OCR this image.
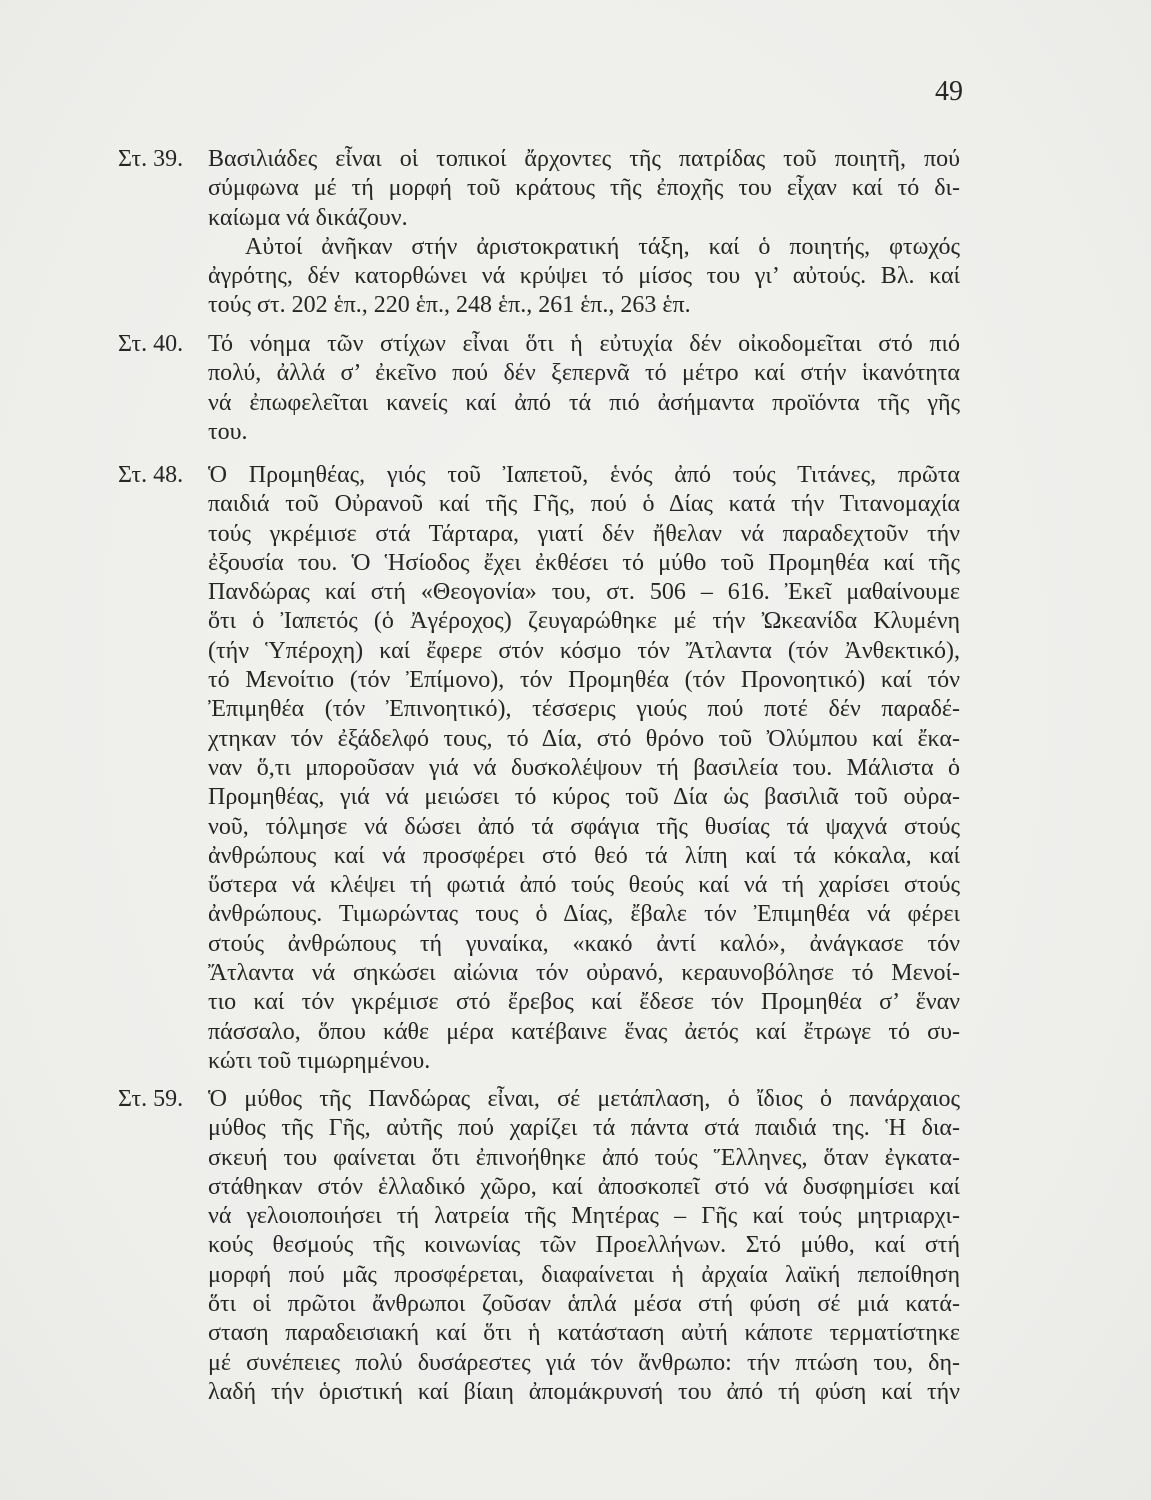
49
Στ. 39. Βασιλιάδες εἶναι οἱ τοπικοί ἄρχοντες τῆς πατρίδας τοῦ ποιητῆ, πού
σύμφωνα μέ τή μορφή τοῦ κράτους τῆς ἐποχῆς του εἶχαν καί τό δι-
καίωμα νά δικάζουν.
Αὐτοί ἀνῆκαν στήν ἀριστοκρατική τάξη, καί ὁ ποιητής, φτωχός
ἀγρότης, δέν κατορθώνει νά κρύψει τό μίσος του γι’ αὐτούς. Βλ. καί
τούς στ. 202 ἑπ., 220 ἑπ., 248 ἑπ., 261 ἑπ., 263 ἑπ.
Στ. 40. Τό νόημα τῶν στίχων εἶναι ὅτι ἡ εὐτυχία δέν οἰκοδομεῖται στό πιό
πολύ, ἀλλά σ’ ἐκεῖνο πού δέν ξεπερνᾶ τό μέτρο καί στήν ἱκανότητα
νά ἐπωφελεῖται κανείς καί ἀπό τά πιό ἀσήμαντα προϊόντα τῆς γῆς
του.
Στ. 48. Ὁ Προμηθέας, γιός τοῦ Ἰαπετοῦ, ἑνός ἀπό τούς Τιτάνες, πρῶτα
παιδιά τοῦ Οὐρανοῦ καί τῆς Γῆς, πού ὁ Δίας κατά τήν Τιτανομαχία
τούς γκρέμισε στά Τάρταρα, γιατί δέν ἤθελαν νά παραδεχτοῦν τήν
ἐξουσία του. Ὁ Ἡσίοδος ἔχει ἐκθέσει τό μύθο τοῦ Προμηθέα καί τῆς
Πανδώρας καί στή «Θεογονία» του, στ. 506 – 616. Ἐκεῖ μαθαίνουμε
ὅτι ὁ Ἰαπετός (ὁ Ἀγέροχος) ζευγαρώθηκε μέ τήν Ὠκεανίδα Κλυμένη
(τήν Ὑπέροχη) καί ἔφερε στόν κόσμο τόν Ἄτλαντα (τόν Ἀνθεκτικό),
τό Μενοίτιο (τόν Ἐπίμονο), τόν Προμηθέα (τόν Προνοητικό) καί τόν
Ἐπιμηθέα (τόν Ἐπινοητικό), τέσσερις γιούς πού ποτέ δέν παραδέ-
χτηκαν τόν ἐξάδελφό τους, τό Δία, στό θρόνο τοῦ Ὀλύμπου καί ἔκα-
ναν ὅ,τι μποροῦσαν γιά νά δυσκολέψουν τή βασιλεία του. Μάλιστα ὁ
Προμηθέας, γιά νά μειώσει τό κύρος τοῦ Δία ὡς βασιλιᾶ τοῦ οὐρα-
νοῦ, τόλμησε νά δώσει ἀπό τά σφάγια τῆς θυσίας τά ψαχνά στούς
ἀνθρώπους καί νά προσφέρει στό θεό τά λίπη καί τά κόκαλα, καί
ὕστερα νά κλέψει τή φωτιά ἀπό τούς θεούς καί νά τή χαρίσει στούς
ἀνθρώπους. Τιμωρώντας τους ὁ Δίας, ἔβαλε τόν Ἐπιμηθέα νά φέρει
στούς ἀνθρώπους τή γυναίκα, «κακό ἀντί καλό», ἀνάγκασε τόν
Ἄτλαντα νά σηκώσει αἰώνια τόν οὐρανό, κεραυνοβόλησε τό Μενοί-
τιο καί τόν γκρέμισε στό ἔρεβος καί ἔδεσε τόν Προμηθέα σ’ ἕναν
πάσσαλο, ὅπου κάθε μέρα κατέβαινε ἕνας ἀετός καί ἔτρωγε τό συ-
κώτι τοῦ τιμωρημένου.
Στ. 59. Ὁ μύθος τῆς Πανδώρας εἶναι, σέ μετάπλαση, ὁ ἴδιος ὁ πανάρχαιος
μύθος τῆς Γῆς, αὐτῆς πού χαρίζει τά πάντα στά παιδιά της. Ἡ δια-
σκευή του φαίνεται ὅτι ἐπινοήθηκε ἀπό τούς Ἕλληνες, ὅταν ἐγκατα-
στάθηκαν στόν ἑλλαδικό χῶρο, καί ἀποσκοπεῖ στό νά δυσφημίσει καί
νά γελοιοποιήσει τή λατρεία τῆς Μητέρας – Γῆς καί τούς μητριαρχι-
κούς θεσμούς τῆς κοινωνίας τῶν Προελλήνων. Στό μύθο, καί στή
μορφή πού μᾶς προσφέρεται, διαφαίνεται ἡ ἀρχαία λαϊκή πεποίθηση
ὅτι οἱ πρῶτοι ἄνθρωποι ζοῦσαν ἁπλά μέσα στή φύση σέ μιά κατά-
σταση παραδεισιακή καί ὅτι ἡ κατάσταση αὐτή κάποτε τερματίστηκε
μέ συνέπειες πολύ δυσάρεστες γιά τόν ἄνθρωπο: τήν πτώση του, δη-
λαδή τήν ὁριστική καί βίαιη ἀπομάκρυνσή του ἀπό τή φύση καί τήν
